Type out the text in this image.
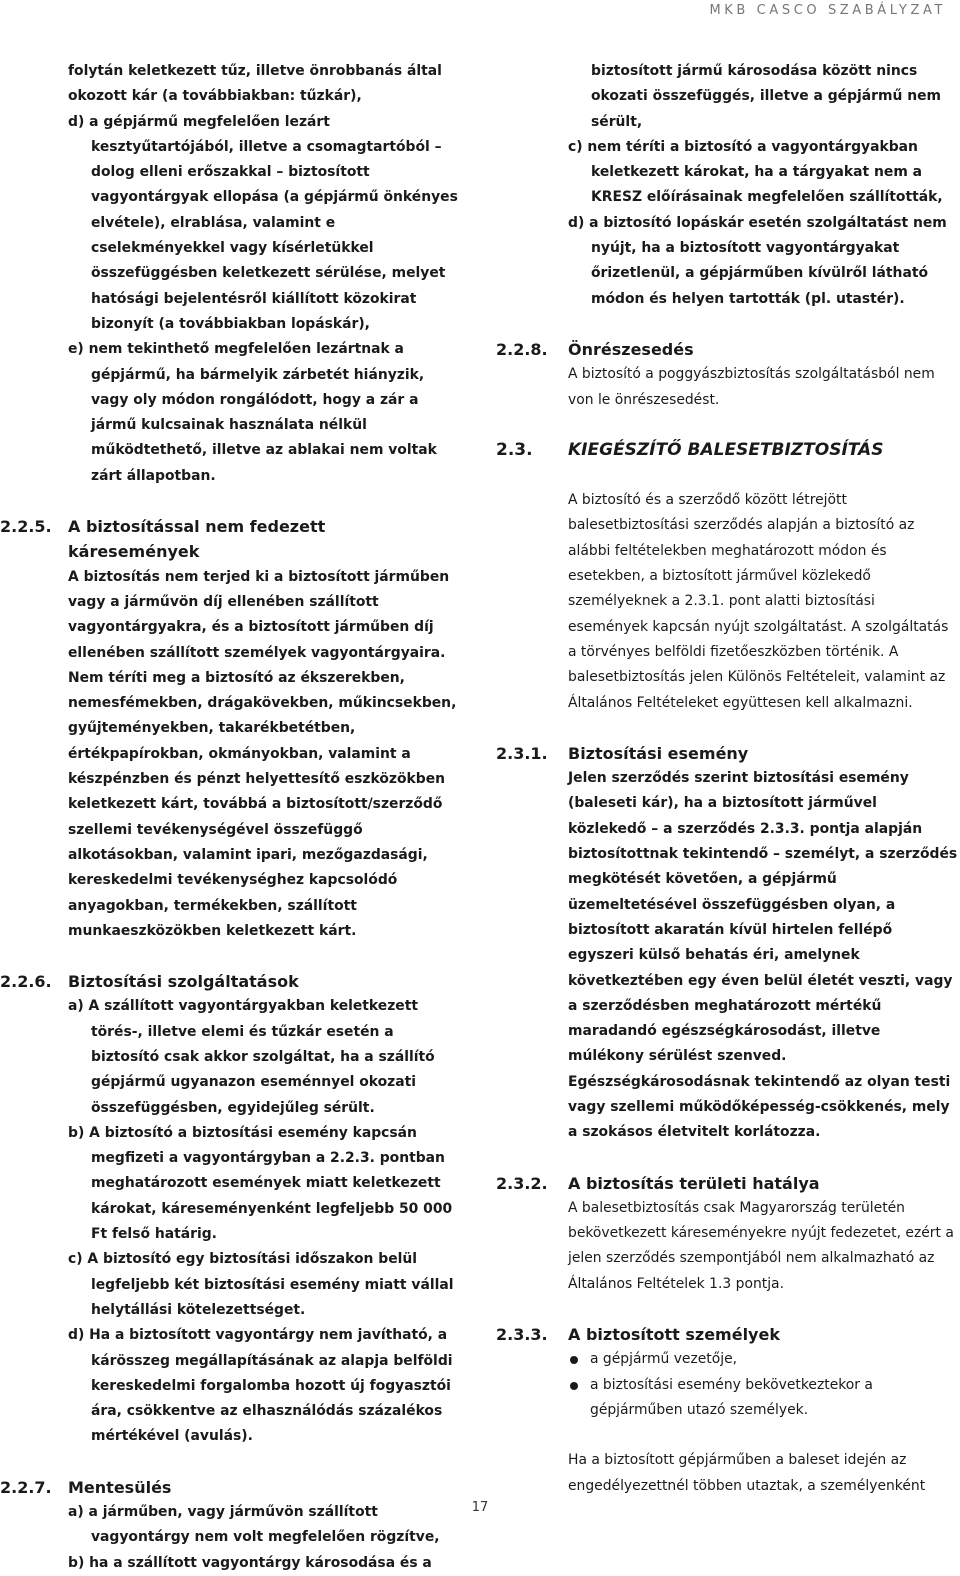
MKB CASCO SZABÁLYZAT

folytán keletkezett tűz, illetve önrobbanás által okozott kár (a továbbiakban: tűzkár),

d) a gépjármű megfelelően lezárt kesztyűtartójából, illetve a csomagtartóból – dolog elleni erőszakkal – biztosított vagyontárgyak ellopása (a gépjármű önkényes elvétele), elrablása, valamint e cselekményekkel vagy kísérletükkel összefüggésben keletkezett sérülése, melyet hatósági bejelentésről kiállított közokirat bizonyít (a továbbiakban lopáskár),

e) nem tekinthető megfelelően lezártnak a gépjármű, ha bármelyik zárbetét hiányzik, vagy oly módon rongálódott, hogy a zár a jármű kulcsainak használata nélkül működtethető, illetve az ablakai nem voltak zárt állapotban.

2.2.5.	A biztosítással nem fedezett káresemények

A biztosítás nem terjed ki a biztosított járműben vagy a járművön díj ellenében szállított vagyontárgyakra, és a biztosított járműben díj ellenében szállított személyek vagyontárgyaira. Nem téríti meg a biztosító az ékszerekben, nemesfémekben, drágakövekben, műkincsekben, gyűjteményekben, takarékbetétben, értékpapírokban, okmányokban, valamint a készpénzben és pénzt helyettesítő eszközökben keletkezett kárt, továbbá a biztosított/szerződő szellemi tevékenységével összefüggő alkotásokban, valamint ipari, mezőgazdasági, kereskedelmi tevékenységhez kapcsolódó anyagokban, termékekben, szállított munkaeszközökben keletkezett kárt.

2.2.6.	Biztosítási szolgáltatások

a) A szállított vagyontárgyakban keletkezett törés-, illetve elemi és tűzkár esetén a biztosító csak akkor szolgáltat, ha a szállító gépjármű ugyanazon eseménnyel okozati összefüggésben, egyidejűleg sérült.

b) A biztosító a biztosítási esemény kapcsán megfizeti a vagyontárgyban a 2.2.3. pontban meghatározott események miatt keletkezett károkat, káreseményenként legfeljebb 50 000 Ft felső határig.

c) A biztosító egy biztosítási időszakon belül legfeljebb két biztosítási esemény miatt vállal helytállási kötelezettséget.

d) Ha a biztosított vagyontárgy nem javítható, a kárösszeg megállapításának az alapja belföldi kereskedelmi forgalomba hozott új fogyasztói ára, csökkentve az elhasználódás százalékos mértékével (avulás).

2.2.7.	Mentesülés

a) a járműben, vagy járművön szállított vagyontárgy nem volt megfelelően rögzítve,

b) ha a szállított vagyontárgy károsodása és a

biztosított jármű károsodása között nincs okozati összefüggés, illetve a gépjármű nem sérült,

c) nem téríti a biztosító a vagyontárgyakban keletkezett károkat, ha a tárgyakat nem a KRESZ előírásainak megfelelően szállították,

d) a biztosító lopáskár esetén szolgáltatást nem nyújt, ha a biztosított vagyontárgyakat őrizetlenül, a gépjárműben kívülről látható módon és helyen tartották (pl. utastér).

2.2.8.	Önrészesedés

A biztosító a poggyászbiztosítás szolgáltatásból nem von le önrészesedést.

2.3.	KIEGÉSZÍTŐ BALESETBIZTOSÍTÁS

A biztosító és a szerződő között létrejött balesetbiztosítási szerződés alapján a biztosító az alábbi feltételekben meghatározott módon és esetekben, a biztosított járművel közlekedő személyeknek a 2.3.1. pont alatti biztosítási események kapcsán nyújt szolgáltatást. A szolgáltatás a törvényes belföldi fizetőeszközben történik. A balesetbiztosítás jelen Különös Feltételeit, valamint az Általános Feltételeket együttesen kell alkalmazni.

2.3.1.	Biztosítási esemény

Jelen szerződés szerint biztosítási esemény (baleseti kár), ha a biztosított járművel közlekedő – a szerződés 2.3.3. pontja alapján biztosítottnak tekintendő – személyt, a szerződés megkötését követően, a gépjármű üzemeltetésével összefüggésben olyan, a biztosított akaratán kívül hirtelen fellépő egyszeri külső behatás éri, amelynek következtében egy éven belül életét veszti, vagy a szerződésben meghatározott mértékű maradandó egészségkárosodást, illetve múlékony sérülést szenved. Egészségkárosodásnak tekintendő az olyan testi vagy szellemi működőképesség-csökkenés, mely a szokásos életvitelt korlátozza.

2.3.2.	A biztosítás területi hatálya

A balesetbiztosítás csak Magyarország területén bekövetkezett káreseményekre nyújt fedezetet, ezért a jelen szerződés szempontjából nem alkalmazható az Általános Feltételek 1.3 pontja.

2.3.3.	A biztosított személyek
a gépjármű vezetője,
a biztosítási esemény bekövetkeztekor a gépjárműben utazó személyek.

Ha a biztosított gépjárműben a baleset idején az engedélyezettnél többen utaztak, a személyenként

17
